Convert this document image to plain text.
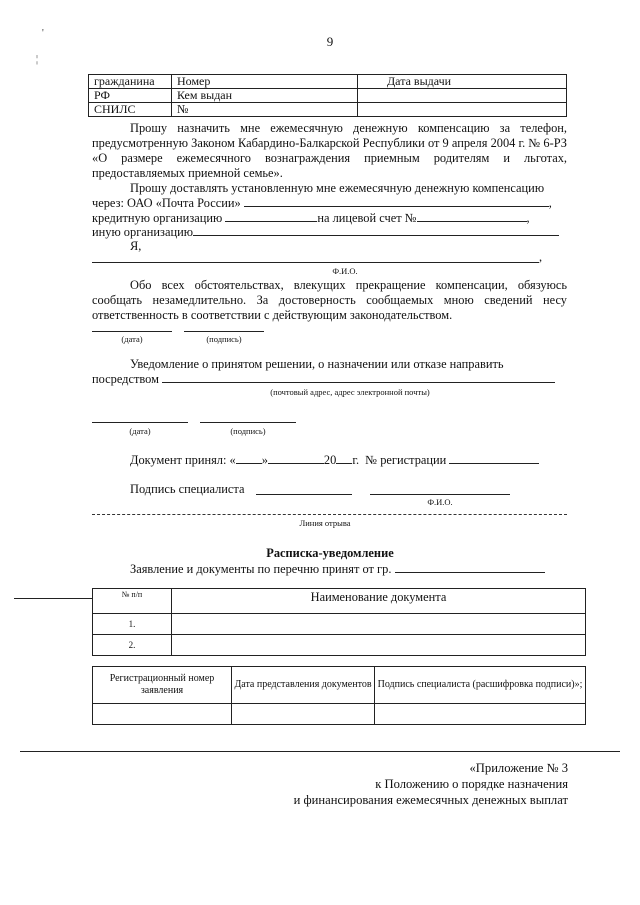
9
'
¦
гражданина	Номер	Дата выдачи
РФ	Кем выдан	
СНИЛС	№	
Прошу назначить мне ежемесячную денежную компенсацию за телефон, предусмотренную Законом Кабардино-Балкарской Республики от 9 апреля 2004 г. № 6-РЗ «О размере ежемесячного вознаграждения приемным родителям и льготах, предоставляемых приемной семье».
Прошу доставлять установленную мне ежемесячную денежную компенсацию
через: ОАО «Почта России»	,
кредитную организацию	на лицевой счет №	,
иную организацию
Я,
,
Ф.И.О.
Обо всех обстоятельствах, влекущих прекращение компенсации, обязуюсь сообщать незамедлительно. За достоверность сообщаемых мною сведений несу ответственность в соответствии с действующим законодательством.
(дата)	(подпись)
Уведомление о принятом решении, о назначении или отказе направить
посредством
(почтовый адрес, адрес электронной почты)
(дата)	(подпись)
Документ принял: « »	20 г. № регистрации
Подпись специалиста
Ф.И.О.
Линия отрыва
Расписка-уведомление
Заявление и документы по перечню принят от гр.
№ п/п	Наименование документа
1.	
2.	
Регистрационный номер заявления	Дата представления документов	Подпись специалиста (расшифровка подписи)»;

«Приложение № 3
к Положению о порядке назначения
и финансирования ежемесячных денежных выплат
